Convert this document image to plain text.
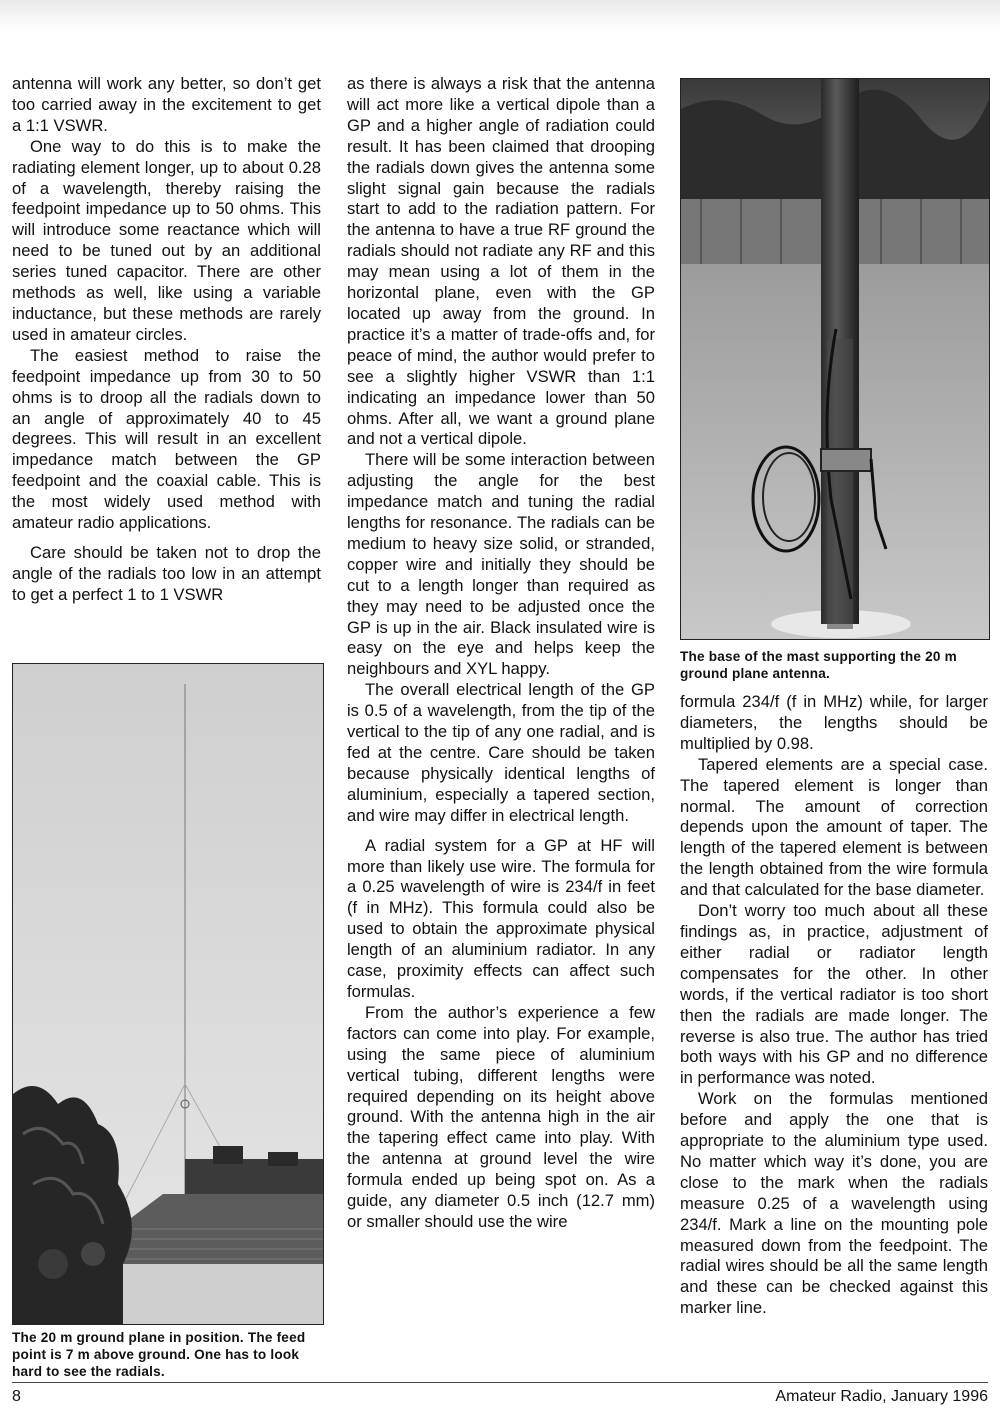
antenna will work any better, so don’t get too carried away in the excitement to get a 1:1 VSWR.

One way to do this is to make the radiating element longer, up to about 0.28 of a wavelength, thereby raising the feedpoint impedance up to 50 ohms. This will introduce some reactance which will need to be tuned out by an additional series tuned capacitor. There are other methods as well, like using a variable inductance, but these methods are rarely used in amateur circles.

The easiest method to raise the feedpoint impedance up from 30 to 50 ohms is to droop all the radials down to an angle of approximately 40 to 45 degrees. This will result in an excellent impedance match between the GP feedpoint and the coaxial cable. This is the most widely used method with amateur radio applications.

Care should be taken not to drop the angle of the radials too low in an attempt to get a perfect 1 to 1 VSWR

as there is always a risk that the antenna will act more like a vertical dipole than a GP and a higher angle of radiation could result. It has been claimed that drooping the radials down gives the antenna some slight signal gain because the radials start to add to the radiation pattern. For the antenna to have a true RF ground the radials should not radiate any RF and this may mean using a lot of them in the horizontal plane, even with the GP located up away from the ground. In practice it’s a matter of trade-offs and, for peace of mind, the author would prefer to see a slightly higher VSWR than 1:1 indicating an impedance lower than 50 ohms. After all, we want a ground plane and not a vertical dipole.

There will be some interaction between adjusting the angle for the best impedance match and tuning the radial lengths for resonance. The radials can be medium to heavy size solid, or stranded, copper wire and initially they should be cut to a length longer than required as they may need to be adjusted once the GP is up in the air. Black insulated wire is easy on the eye and helps keep the neighbours and XYL happy.

The overall electrical length of the GP is 0.5 of a wavelength, from the tip of the vertical to the tip of any one radial, and is fed at the centre. Care should be taken because physically identical lengths of aluminium, especially a tapered section, and wire may differ in electrical length.

A radial system for a GP at HF will more than likely use wire. The formula for a 0.25 wavelength of wire is 234/f in feet (f in MHz). This formula could also be used to obtain the approximate physical length of an aluminium radiator. In any case, proximity effects can affect such formulas.

From the author’s experience a few factors can come into play. For example, using the same piece of aluminium vertical tubing, different lengths were required depending on its height above ground. With the antenna high in the air the tapering effect came into play. With the antenna at ground level the wire formula ended up being spot on. As a guide, any diameter 0.5 inch (12.7 mm) or smaller should use the wire

formula 234/f (f in MHz) while, for larger diameters, the lengths should be multiplied by 0.98.

Tapered elements are a special case. The tapered element is longer than normal. The amount of correction depends upon the amount of taper. The length of the tapered element is between the length obtained from the wire formula and that calculated for the base diameter.

Don’t worry too much about all these findings as, in practice, adjustment of either radial or radiator length compensates for the other. In other words, if the vertical radiator is too short then the radials are made longer. The reverse is also true. The author has tried both ways with his GP and no difference in performance was noted.

Work on the formulas mentioned before and apply the one that is appropriate to the aluminium type used. No matter which way it’s done, you are close to the mark when the radials measure 0.25 of a wavelength using 234/f. Mark a line on the mounting pole measured down from the feedpoint. The radial wires should be all the same length and these can be checked against this marker line.

The base of the mast supporting the 20 m ground plane antenna.
The 20 m ground plane in position. The feed point is 7 m above ground. One has to look hard to see the radials.
8	Amateur Radio, January 1996
